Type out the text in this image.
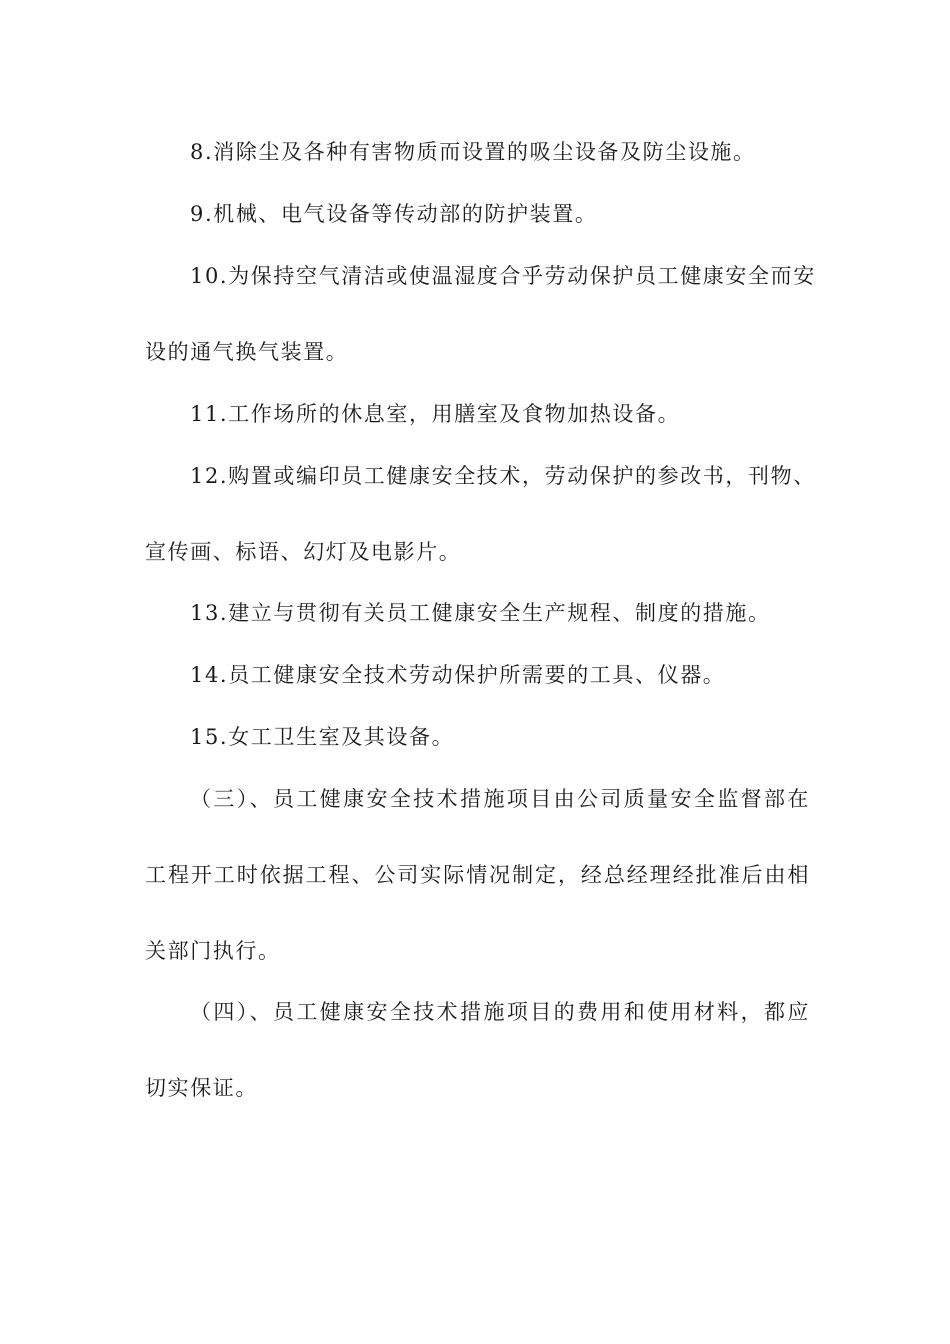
8.消除尘及各种有害物质而设置的吸尘设备及防尘设施。
9.机械、电气设备等传动部的防护装置。
10.为保持空气清洁或使温湿度合乎劳动保护员工健康安全而安
设的通气换气装置。
11.工作场所的休息室，用膳室及食物加热设备。
12.购置或编印员工健康安全技术，劳动保护的参改书，刊物、
宣传画、标语、幻灯及电影片。
13.建立与贯彻有关员工健康安全生产规程、制度的措施。
14.员工健康安全技术劳动保护所需要的工具、仪器。
15.女工卫生室及其设备。
（三）、员工健康安全技术措施项目由公司质量安全监督部在
工程开工时依据工程、公司实际情况制定，经总经理经批准后由相
关部门执行。
（四）、员工健康安全技术措施项目的费用和使用材料，都应
切实保证。
